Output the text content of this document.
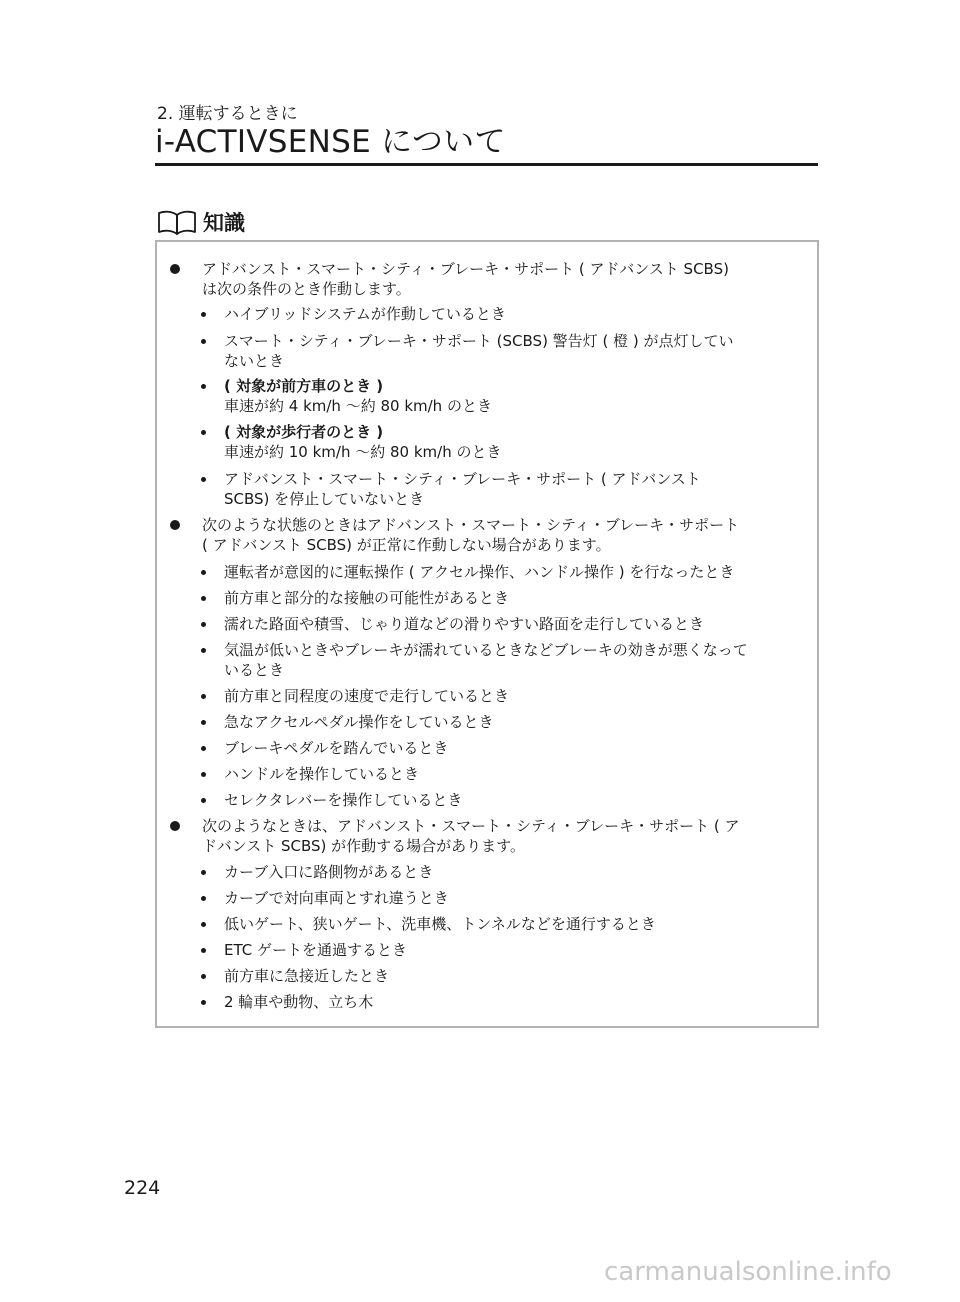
2. 運転するときに
i-ACTIVSENSE について
知識
アドバンスト・スマート・シティ・ブレーキ・サポート ( アドバンスト SCBS)
は次の条件のとき作動します。
ハイブリッドシステムが作動しているとき
スマート・シティ・ブレーキ・サポート (SCBS) 警告灯 ( 橙 ) が点灯してい
ないとき
( 対象が前方車のとき )
車速が約 4 km/h ～約 80 km/h のとき
( 対象が歩行者のとき )
車速が約 10 km/h ～約 80 km/h のとき
アドバンスト・スマート・シティ・ブレーキ・サポート ( アドバンスト
SCBS) を停止していないとき
次のような状態のときはアドバンスト・スマート・シティ・ブレーキ・サポート
( アドバンスト SCBS) が正常に作動しない場合があります。
運転者が意図的に運転操作 ( アクセル操作、ハンドル操作 ) を行なったとき
前方車と部分的な接触の可能性があるとき
濡れた路面や積雪、じゃり道などの滑りやすい路面を走行しているとき
気温が低いときやブレーキが濡れているときなどブレーキの効きが悪くなって
いるとき
前方車と同程度の速度で走行しているとき
急なアクセルペダル操作をしているとき
ブレーキペダルを踏んでいるとき
ハンドルを操作しているとき
セレクタレバーを操作しているとき
次のようなときは、アドバンスト・スマート・シティ・ブレーキ・サポート ( ア
ドバンスト SCBS) が作動する場合があります。
カーブ入口に路側物があるとき
カーブで対向車両とすれ違うとき
低いゲート、狭いゲート、洗車機、トンネルなどを通行するとき
ETC ゲートを通過するとき
前方車に急接近したとき
2 輪車や動物、立ち木
224
carmanualsonline.info
